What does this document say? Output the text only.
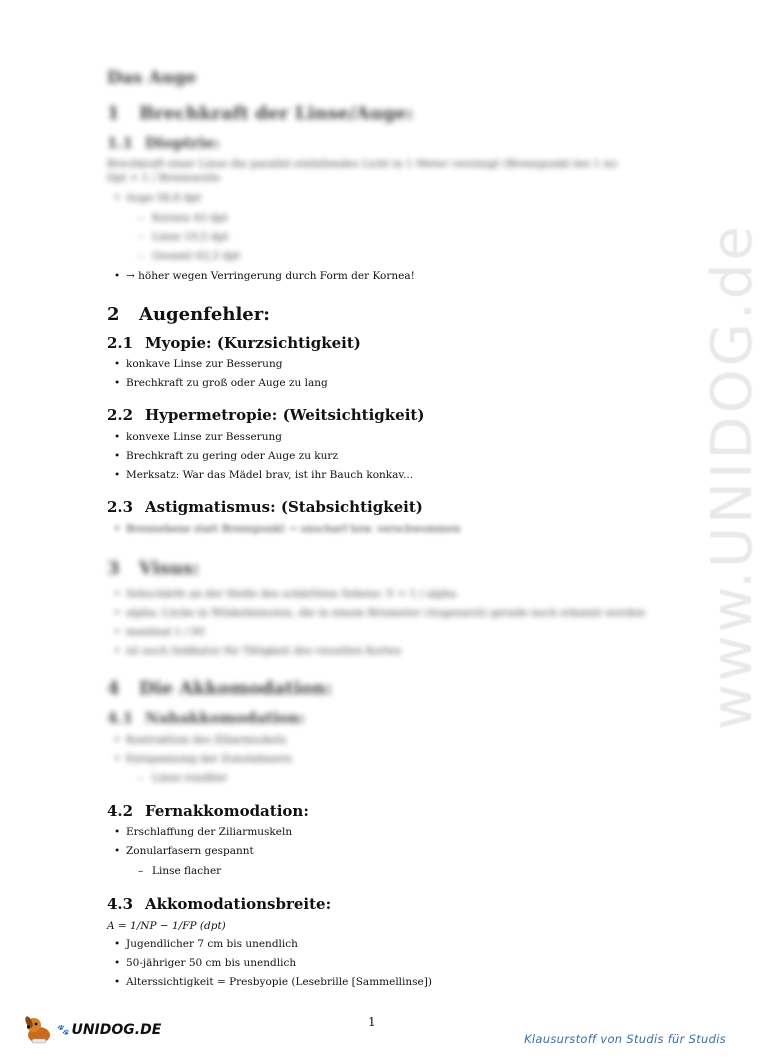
www.UNIDOG.de
Das Auge
1 Brechkraft der Linse/Auge:
1.1 Dioptrie:
Brechkraft einer Linse die parallel einfallendes Licht in 1 Meter vereinigt (Brennpunkt bei 1 m)
Dpt = 1 / Brennweite
• Auge 58,8 dpt
– Kornea 43 dpt
– Linse 19,5 dpt
– Gesamt 62,5 dpt
• → höher wegen Verringerung durch Form der Kornea!
2 Augenfehler:
2.1 Myopie: (Kurzsichtigkeit)
• konkave Linse zur Besserung
• Brechkraft zu groß oder Auge zu lang
2.2 Hypermetropie: (Weitsichtigkeit)
• konvexe Linse zur Besserung
• Brechkraft zu gering oder Auge zu kurz
• Merksatz: War das Mädel brav, ist ihr Bauch konkav...
2.3 Astigmatismus: (Stabsichtigkeit)
• Brennebene statt Brennpunkt → unscharf bzw. verschwommen
3 Visus:
• Sehschärfe an der Stelle des schärfsten Sehens: V = 1 / alpha
• alpha: Lücke in Winkelminuten, die in einem Rrismeter (Augenarzt) gerade noch erkannt werden
• maximal 1 / 60
• ist auch Indikator für Tätigkeit des visuellen Kortex
4 Die Akkomodation:
4.1 Nahakkomodation:
• Kontraktion des Ziliarmuskels
• Entspannung der Zonulafasern
– Linse rundlier
4.2 Fernakkomodation:
• Erschlaffung der Ziliarmuskeln
• Zonularfasern gespannt
– Linse flacher
4.3 Akkomodationsbreite:
A = 1/NP − 1/FP (dpt)
• Jugendlicher 7 cm bis unendlich
• 50-jähriger 50 cm bis unendlich
• Alterssichtigkeit = Presbyopie (Lesebrille [Sammellinse])
1
🐾 UNIDOG.DE
Klausurstoff von Studis für Studis
